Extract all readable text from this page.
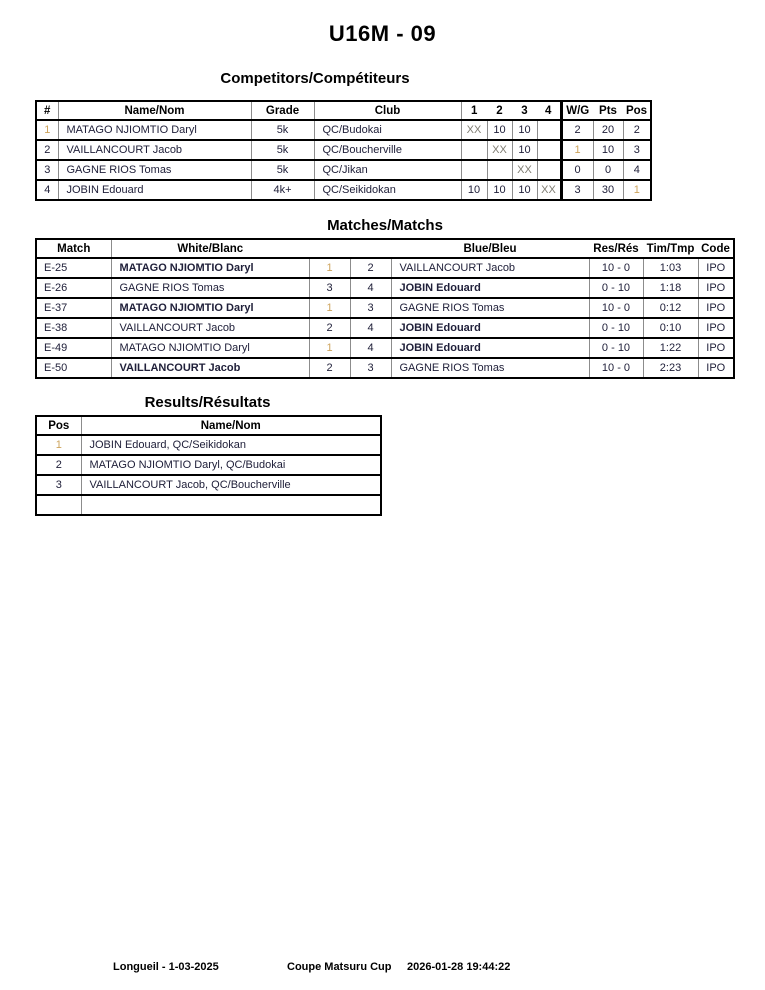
U16M - 09
Competitors/Compétiteurs
#	Name/Nom	Grade	Club	1	2	3	4	W/G	Pts	Pos
1	MATAGO NJIOMTIO Daryl	5k	QC/Budokai	XX	10	10		2	20	2
2	VAILLANCOURT Jacob	5k	QC/Boucherville		XX	10		1	10	3
3	GAGNE RIOS Tomas	5k	QC/Jikan			XX		0	0	4
4	JOBIN Edouard	4k+	QC/Seikidokan	10	10	10	XX	3	30	1
Matches/Matchs
Match	White/Blanc			Blue/Bleu	Res/Rés	Tim/Tmp	Code
E-25	MATAGO NJIOMTIO Daryl	1	2	VAILLANCOURT Jacob	10 - 0	1:03	IPO
E-26	GAGNE RIOS Tomas	3	4	JOBIN Edouard	0 - 10	1:18	IPO
E-37	MATAGO NJIOMTIO Daryl	1	3	GAGNE RIOS Tomas	10 - 0	0:12	IPO
E-38	VAILLANCOURT Jacob	2	4	JOBIN Edouard	0 - 10	0:10	IPO
E-49	MATAGO NJIOMTIO Daryl	1	4	JOBIN Edouard	0 - 10	1:22	IPO
E-50	VAILLANCOURT Jacob	2	3	GAGNE RIOS Tomas	10 - 0	2:23	IPO
Results/Résultats
Pos	Name/Nom
1	JOBIN Edouard, QC/Seikidokan
2	MATAGO NJIOMTIO Daryl, QC/Budokai
3	VAILLANCOURT Jacob, QC/Boucherville

Longueil - 1-03-2025	Coupe Matsuru Cup 2026-01-28 19:44:22
